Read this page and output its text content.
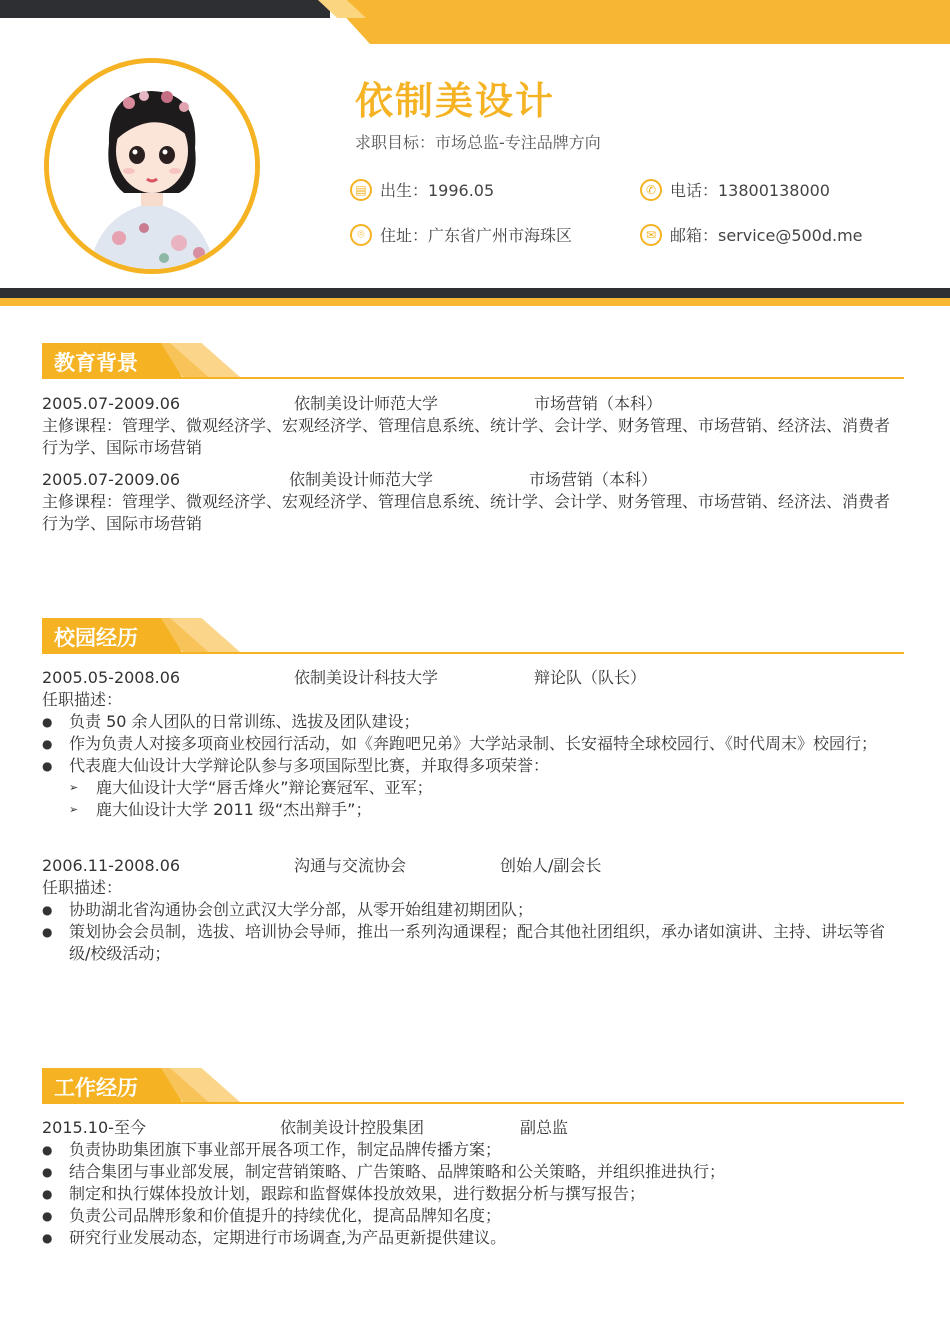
依制美设计
求职目标：市场总监-专注品牌方向
▤ 出生：1996.05	✆ 电话：13800138000
⌾ 住址：广东省广州市海珠区	✉ 邮箱：service@500d.me
教育背景
2005.07-2009.06	依制美设计师范大学	市场营销（本科）
主修课程：管理学、微观经济学、宏观经济学、管理信息系统、统计学、会计学、财务管理、市场营销、经济法、消费者行为学、国际市场营销
2005.07-2009.06	依制美设计师范大学	市场营销（本科）
主修课程：管理学、微观经济学、宏观经济学、管理信息系统、统计学、会计学、财务管理、市场营销、经济法、消费者行为学、国际市场营销
校园经历
2005.05-2008.06	依制美设计科技大学	辩论队（队长）
任职描述：
● 负责 50 余人团队的日常训练、选拔及团队建设；
● 作为负责人对接多项商业校园行活动，如《奔跑吧兄弟》大学站录制、长安福特全球校园行、《时代周末》校园行；
● 代表鹿大仙设计大学辩论队参与多项国际型比赛，并取得多项荣誉：
➢ 鹿大仙设计大学“唇舌烽火”辩论赛冠军、亚军；
➢ 鹿大仙设计大学 2011 级“杰出辩手”；
2006.11-2008.06	沟通与交流协会	创始人/副会长
任职描述：
● 协助湖北省沟通协会创立武汉大学分部，从零开始组建初期团队；
● 策划协会会员制，选拔、培训协会导师，推出一系列沟通课程；配合其他社团组织，承办诸如演讲、主持、讲坛等省级/校级活动；
工作经历
2015.10-至今	依制美设计控股集团	副总监
● 负责协助集团旗下事业部开展各项工作，制定品牌传播方案；
● 结合集团与事业部发展，制定营销策略、广告策略、品牌策略和公关策略，并组织推进执行；
● 制定和执行媒体投放计划，跟踪和监督媒体投放效果，进行数据分析与撰写报告；
● 负责公司品牌形象和价值提升的持续优化，提高品牌知名度；
● 研究行业发展动态，定期进行市场调查,为产品更新提供建议。
